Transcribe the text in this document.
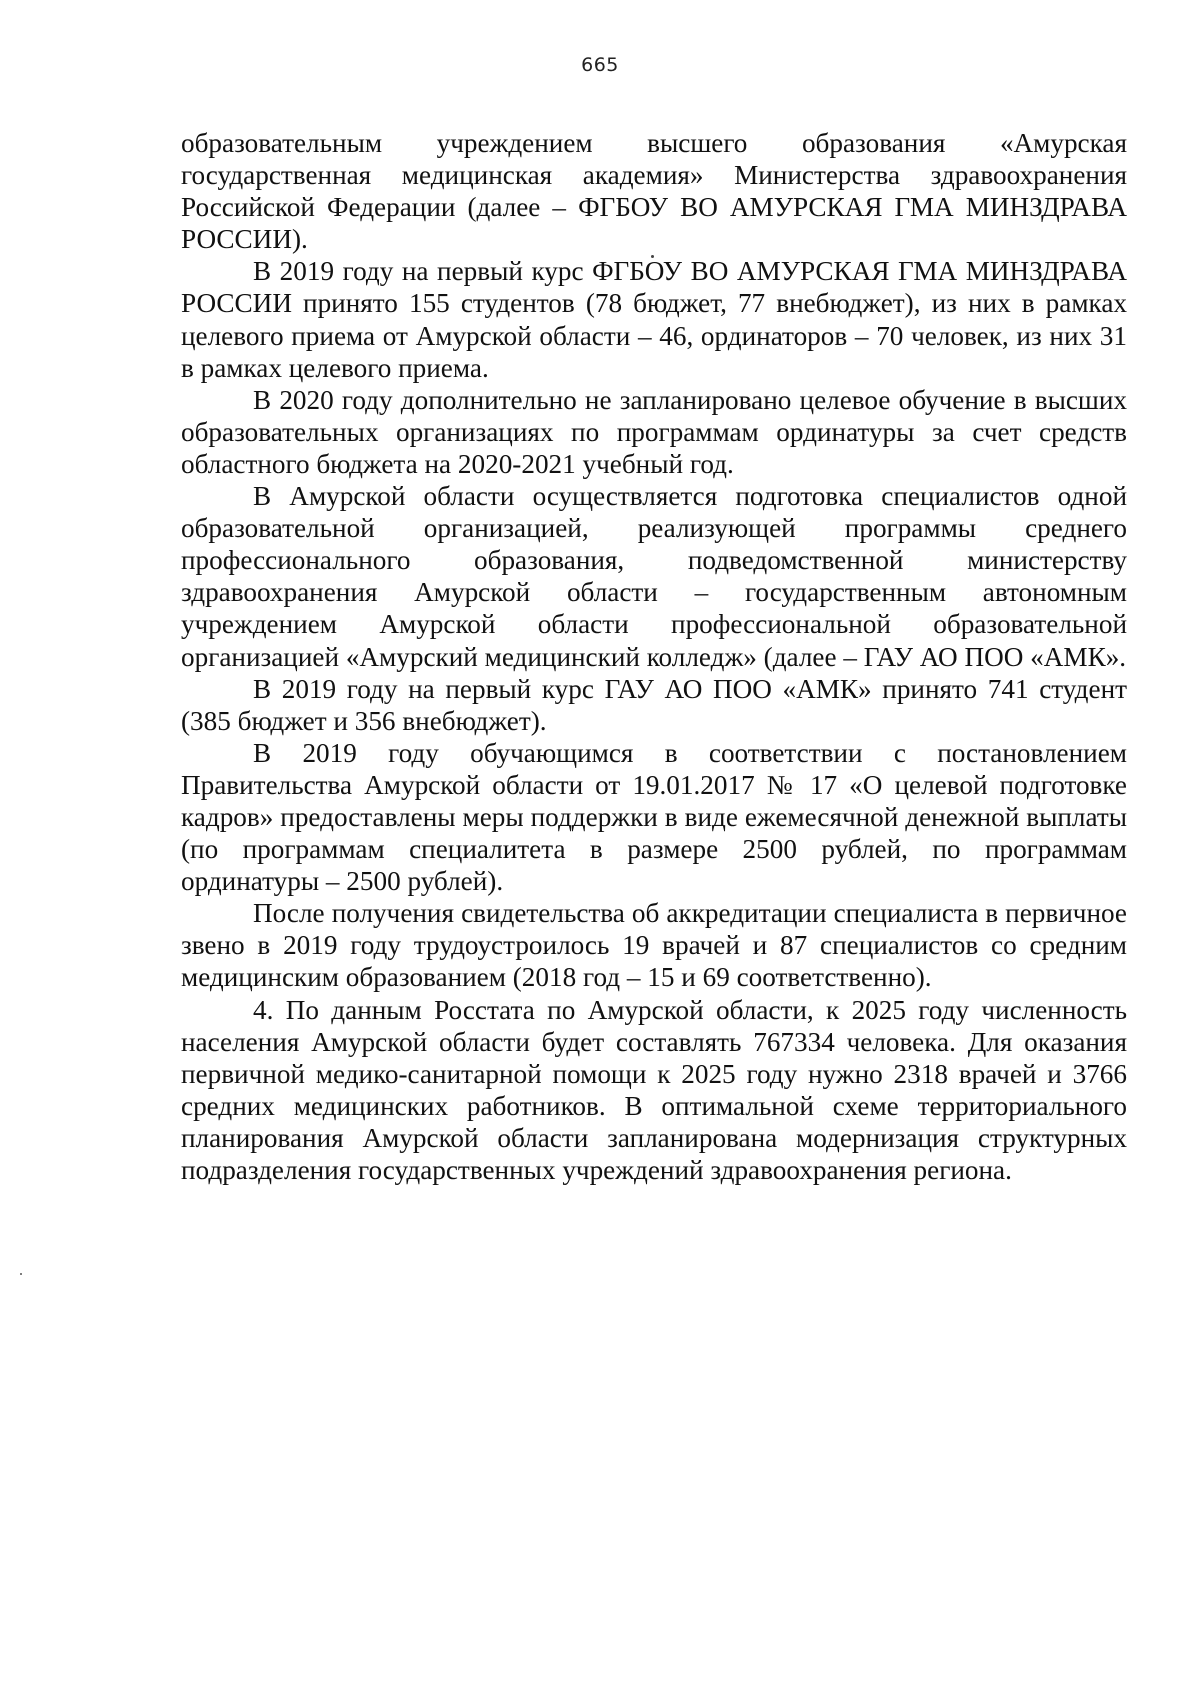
665

образовательным учреждением высшего образования «Амурская государственная медицинская академия» Министерства здравоохранения Российской Федерации (далее – ФГБОУ ВО АМУРСКАЯ ГМА МИНЗДРАВА РОССИИ).

В 2019 году на первый курс ФГБОУ ВО АМУРСКАЯ ГМА МИНЗДРАВА РОССИИ принято 155 студентов (78 бюджет, 77 внебюджет), из них в рамках целевого приема от Амурской области – 46, ординаторов – 70 человек, из них 31 в рамках целевого приема.

В 2020 году дополнительно не запланировано целевое обучение в высших образовательных организациях по программам ординатуры за счет средств областного бюджета на 2020-2021 учебный год.

В Амурской области осуществляется подготовка специалистов одной образовательной организацией, реализующей программы среднего профессионального образования, подведомственной министерству здравоохранения Амурской области – государственным автономным учреждением Амурской области профессиональной образовательной организацией «Амурский медицинский колледж» (далее – ГАУ АО ПОО «АМК».

В 2019 году на первый курс ГАУ АО ПОО «АМК» принято 741 студент (385 бюджет и 356 внебюджет).

В 2019 году обучающимся в соответствии с постановлением Правительства Амурской области от 19.01.2017 № 17 «О целевой подготовке кадров» предоставлены меры поддержки в виде ежемесячной денежной выплаты (по программам специалитета в размере 2500 рублей, по программам ординатуры – 2500 рублей).

После получения свидетельства об аккредитации специалиста в первичное звено в 2019 году трудоустроилось 19 врачей и 87 специалистов со средним медицинским образованием (2018 год – 15 и 69 соответственно).

4. По данным Росстата по Амурской области, к 2025 году численность населения Амурской области будет составлять 767334 человека. Для оказания первичной медико-санитарной помощи к 2025 году нужно 2318 врачей и 3766 средних медицинских работников. В оптимальной схеме территориального планирования Амурской области запланирована модернизация структурных подразделения государственных учреждений здравоохранения региона.
